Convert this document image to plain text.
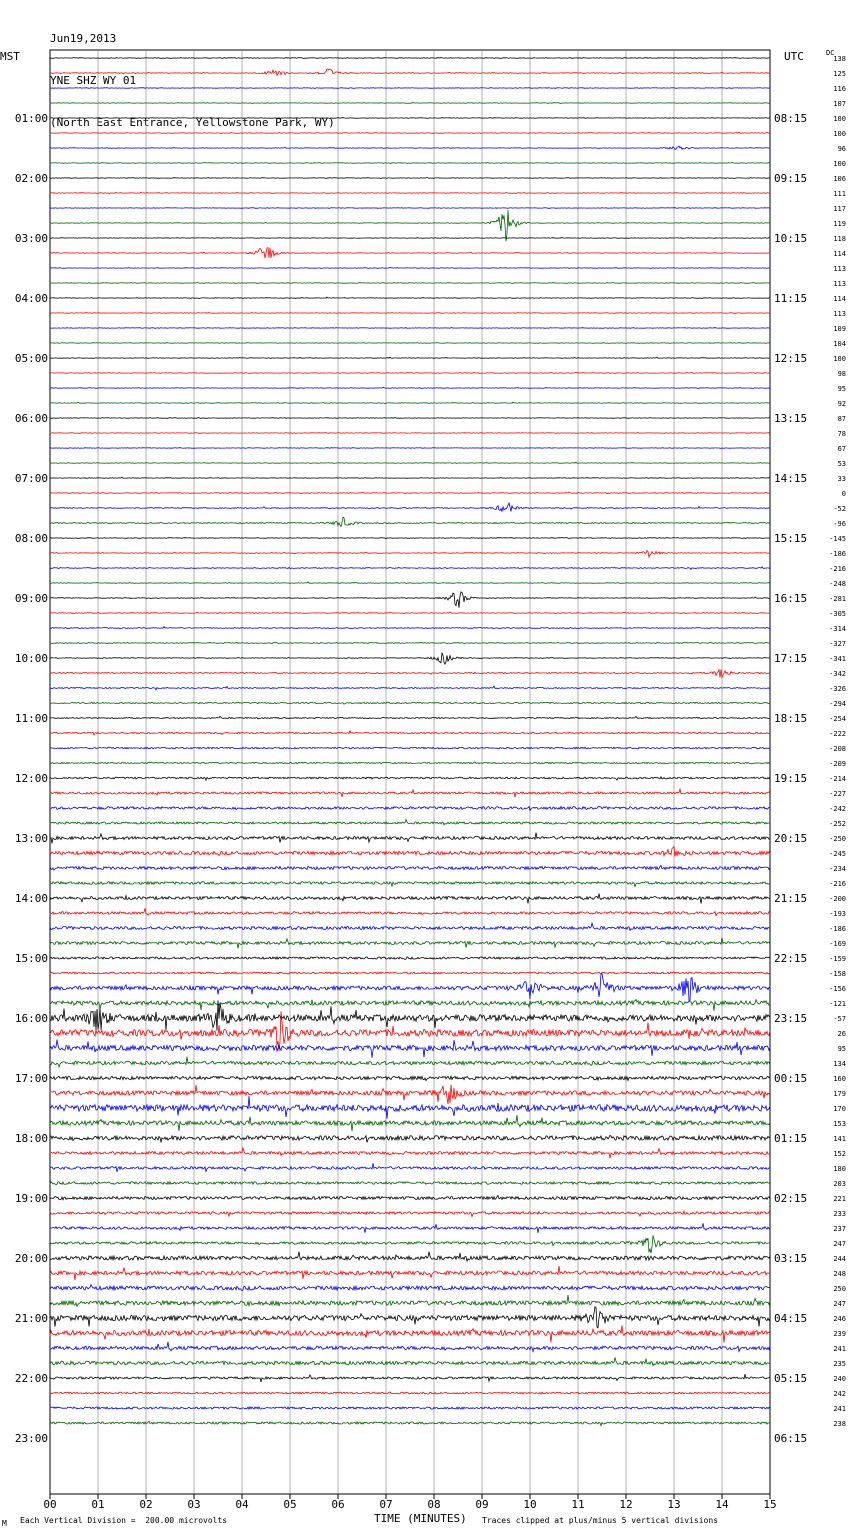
Jun19,2013

YNE SHZ WY 01

(North East Entrance, Yellowstone Park, WY)

MST	UTC	DC
00	01	02	03	04	05	06	07	08	09	10	11	12	13	14	15
01:00
02:00
03:00
04:00
05:00
06:00
07:00
08:00
09:00
10:00
11:00
12:00
13:00
14:00
15:00
16:00
17:00
18:00
19:00
20:00
21:00
22:00
23:00
08:15
09:15
10:15
11:15
12:15
13:15
14:15
15:15
16:15
17:15
18:15
19:15
20:15
21:15
22:15
23:15
00:15
01:15
02:15
03:15
04:15
05:15
06:15
138
125
116
107
100
100
96
100
106
111
117
119
118
114
113
113
114
113
109
104
100
98
95
92
87
78
67
53
33
0
-52
-96
-145
-186
-216
-248
-281
-305
-314
-327
-341
-342
-326
-294
-254
-222
-208
-209
-214
-227
-242
-252
-250
-245
-234
-216
-200
-193
-186
-169
-159
-158
-156
-121
-57
26
95
134
160
179
170
153
141
152
180
203
221
233
237
247
244
248
250
247
246
239
241
235
240
242
241
238
M Each Vertical Division =  200.00 microvolts	TIME (MINUTES) Traces clipped at plus/minus 5 vertical divisions
